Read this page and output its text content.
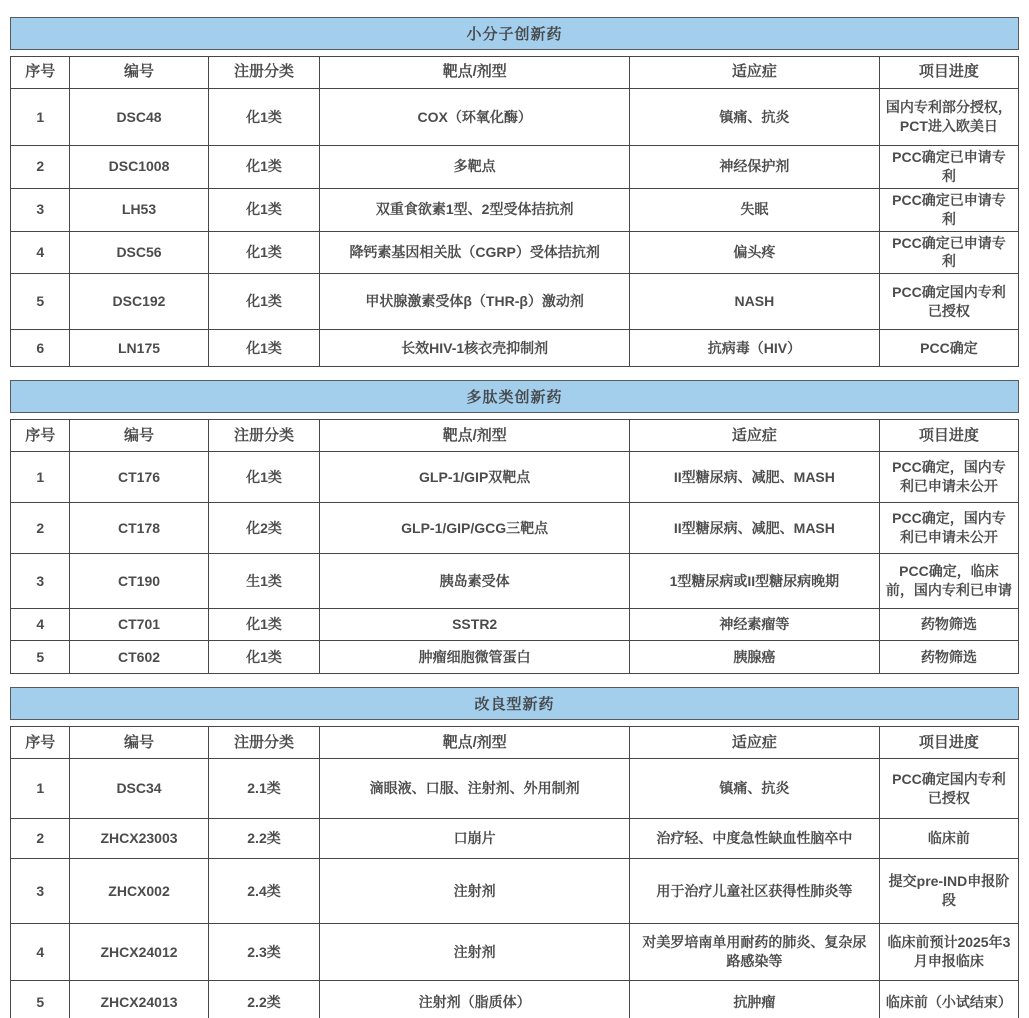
小分子创新药
序号	编号	注册分类	靶点/剂型	适应症	项目进度
1	DSC48	化1类	COX（环氧化酶）	镇痛、抗炎	国内专利部分授权，PCT进入欧美日
2	DSC1008	化1类	多靶点	神经保护剂	PCC确定已申请专利
3	LH53	化1类	双重食欲素1型、2型受体拮抗剂	失眠	PCC确定已申请专利
4	DSC56	化1类	降钙素基因相关肽（CGRP）受体拮抗剂	偏头疼	PCC确定已申请专利
5	DSC192	化1类	甲状腺激素受体β（THR-β）激动剂	NASH	PCC确定国内专利已授权
6	LN175	化1类	长效HIV-1核衣壳抑制剂	抗病毒（HIV）	PCC确定
多肽类创新药
序号	编号	注册分类	靶点/剂型	适应症	项目进度
1	CT176	化1类	GLP-1/GIP双靶点	II型糖尿病、减肥、MASH	PCC确定，国内专利已申请未公开
2	CT178	化2类	GLP-1/GIP/GCG三靶点	II型糖尿病、减肥、MASH	PCC确定，国内专利已申请未公开
3	CT190	生1类	胰岛素受体	1型糖尿病或II型糖尿病晚期	PCC确定，临床前，国内专利已申请
4	CT701	化1类	SSTR2	神经素瘤等	药物筛选
5	CT602	化1类	肿瘤细胞微管蛋白	胰腺癌	药物筛选
改良型新药
序号	编号	注册分类	靶点/剂型	适应症	项目进度
1	DSC34	2.1类	滴眼液、口服、注射剂、外用制剂	镇痛、抗炎	PCC确定国内专利已授权
2	ZHCX23003	2.2类	口崩片	治疗轻、中度急性缺血性脑卒中	临床前
3	ZHCX002	2.4类	注射剂	用于治疗儿童社区获得性肺炎等	提交pre-IND申报阶段
4	ZHCX24012	2.3类	注射剂	对美罗培南单用耐药的肺炎、复杂尿路感染等	临床前预计2025年3月申报临床
5	ZHCX24013	2.2类	注射剂（脂质体）	抗肿瘤	临床前（小试结束）
